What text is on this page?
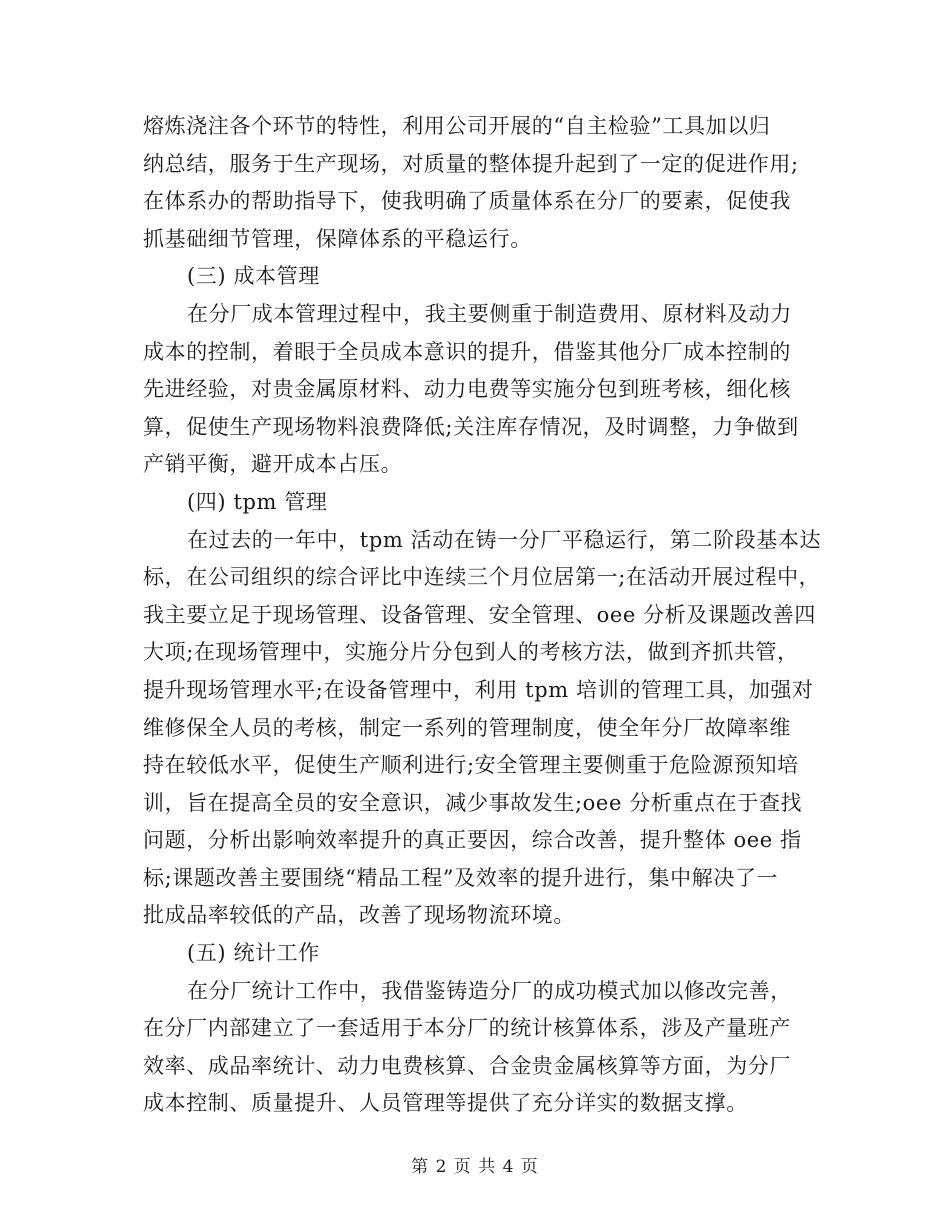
熔炼浇注各个环节的特性，利用公司开展的“自主检验”工具加以归
纳总结，服务于生产现场，对质量的整体提升起到了一定的促进作用;
在体系办的帮助指导下，使我明确了质量体系在分厂的要素，促使我
抓基础细节管理，保障体系的平稳运行。
(三) 成本管理
在分厂成本管理过程中，我主要侧重于制造费用、原材料及动力
成本的控制，着眼于全员成本意识的提升，借鉴其他分厂成本控制的
先进经验，对贵金属原材料、动力电费等实施分包到班考核，细化核
算，促使生产现场物料浪费降低;关注库存情况，及时调整，力争做到
产销平衡，避开成本占压。
(四) tpm 管理
在过去的一年中，tpm 活动在铸一分厂平稳运行，第二阶段基本达
标，在公司组织的综合评比中连续三个月位居第一;在活动开展过程中，
我主要立足于现场管理、设备管理、安全管理、oee 分析及课题改善四
大项;在现场管理中，实施分片分包到人的考核方法，做到齐抓共管，
提升现场管理水平;在设备管理中，利用 tpm 培训的管理工具，加强对
维修保全人员的考核，制定一系列的管理制度，使全年分厂故障率维
持在较低水平，促使生产顺利进行;安全管理主要侧重于危险源预知培
训，旨在提高全员的安全意识，减少事故发生;oee 分析重点在于查找
问题，分析出影响效率提升的真正要因，综合改善，提升整体 oee 指
标;课题改善主要围绕“精品工程”及效率的提升进行，集中解决了一
批成品率较低的产品，改善了现场物流环境。
(五) 统计工作
在分厂统计工作中，我借鉴铸造分厂的成功模式加以修改完善，
在分厂内部建立了一套适用于本分厂的统计核算体系，涉及产量班产
效率、成品率统计、动力电费核算、合金贵金属核算等方面，为分厂
成本控制、质量提升、人员管理等提供了充分详实的数据支撑。
第 2 页 共 4 页
